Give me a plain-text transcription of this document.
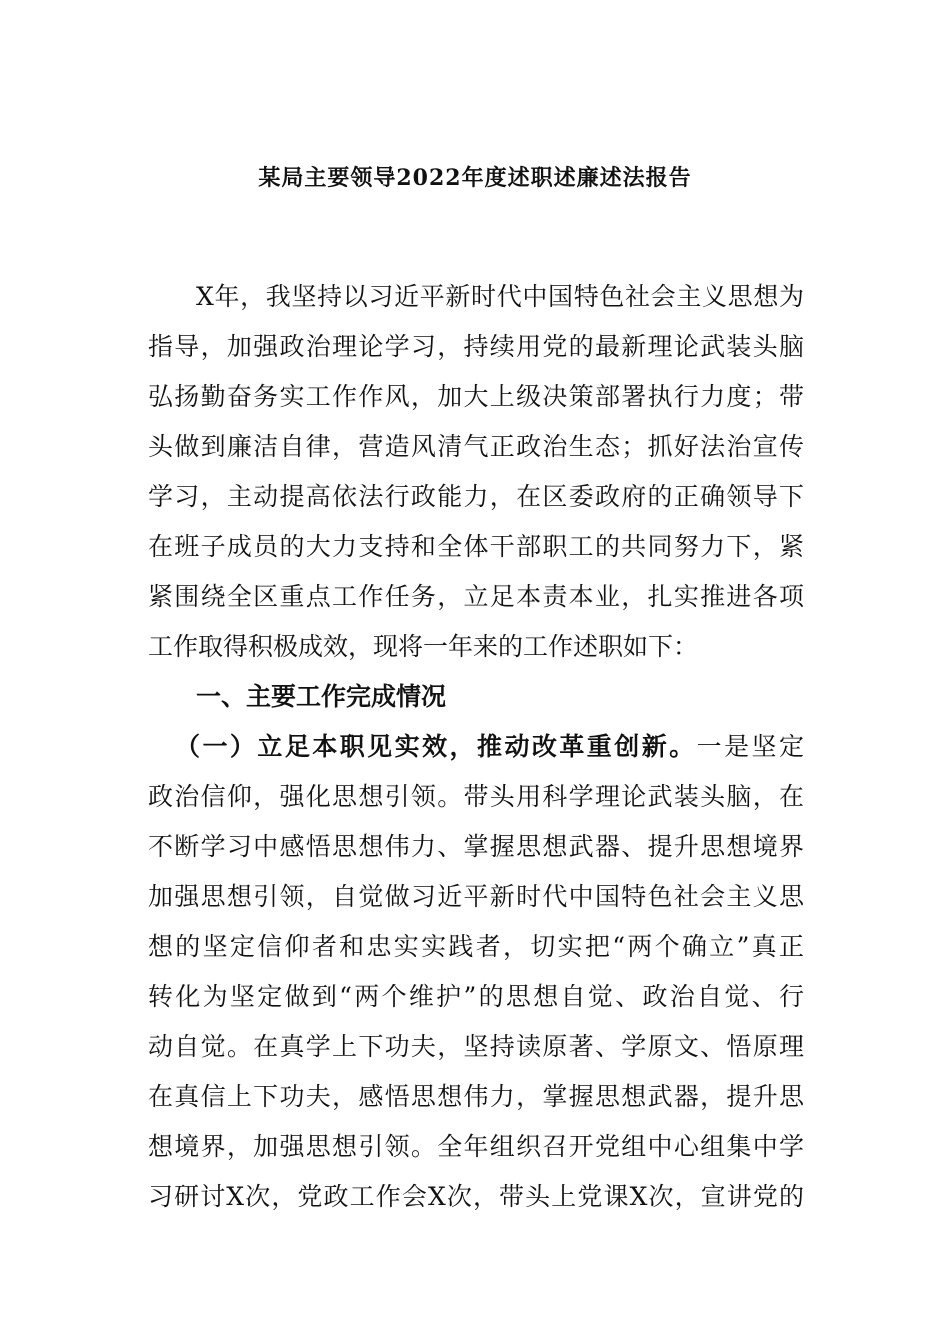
某局主要领导2022年度述职述廉述法报告
X年，我坚持以习近平新时代中国特色社会主义思想为
指导，加强政治理论学习，持续用党的最新理论武装头脑
弘扬勤奋务实工作作风，加大上级决策部署执行力度；带
头做到廉洁自律，营造风清气正政治生态；抓好法治宣传
学习，主动提高依法行政能力，在区委政府的正确领导下
在班子成员的大力支持和全体干部职工的共同努力下，紧
紧围绕全区重点工作任务，立足本责本业，扎实推进各项
工作取得积极成效，现将一年来的工作述职如下：
一、主要工作完成情况
（一）立足本职见实效，推动改革重创新。一是坚定
政治信仰，强化思想引领。带头用科学理论武装头脑，在
不断学习中感悟思想伟力、掌握思想武器、提升思想境界
加强思想引领，自觉做习近平新时代中国特色社会主义思
想的坚定信仰者和忠实实践者，切实把“两个确立”真正
转化为坚定做到“两个维护”的思想自觉、政治自觉、行
动自觉。在真学上下功夫，坚持读原著、学原文、悟原理
在真信上下功夫，感悟思想伟力，掌握思想武器，提升思
想境界，加强思想引领。全年组织召开党组中心组集中学
习研讨X次，党政工作会X次，带头上党课X次，宣讲党的
